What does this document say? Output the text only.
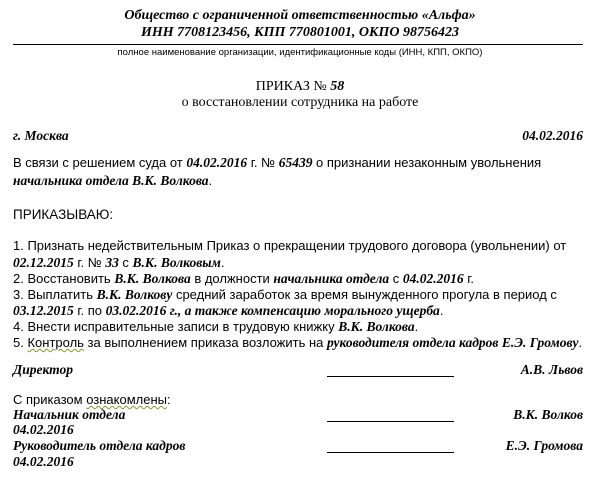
Общество с ограниченной ответственностью «Альфа»
ИНН 7708123456, КПП 770801001, ОКПО 98756423
полное наименование организации, идентификационные коды (ИНН, КПП, ОКПО)
ПРИКАЗ № 58
о восстановлении сотрудника на работе
г. Москва	04.02.2016
В связи с решением суда от 04.02.2016 г. № 65439 о признании незаконным увольнения
начальника отдела В.К. Волкова.
ПРИКАЗЫВАЮ:
1. Признать недействительным Приказ о прекращении трудового договора (увольнении) от
02.12.2015 г. № 33 с В.К. Волковым.
2. Восстановить В.К. Волкова в должности начальника отдела с 04.02.2016 г.
3. Выплатить В.К. Волкову средний заработок за время вынужденного прогула в период с
03.12.2015 г. по 03.02.2016 г., а также компенсацию морального ущерба.
4. Внести исправительные записи в трудовую книжку В.К. Волкова.
5. Контроль за выполнением приказа возложить на руководителя отдела кадров Е.Э. Громову.
Директор	А.В. Львов
С приказом ознакомлены:
Начальник отдела	В.К. Волков
04.02.2016
Руководитель отдела кадров	Е.Э. Громова
04.02.2016
